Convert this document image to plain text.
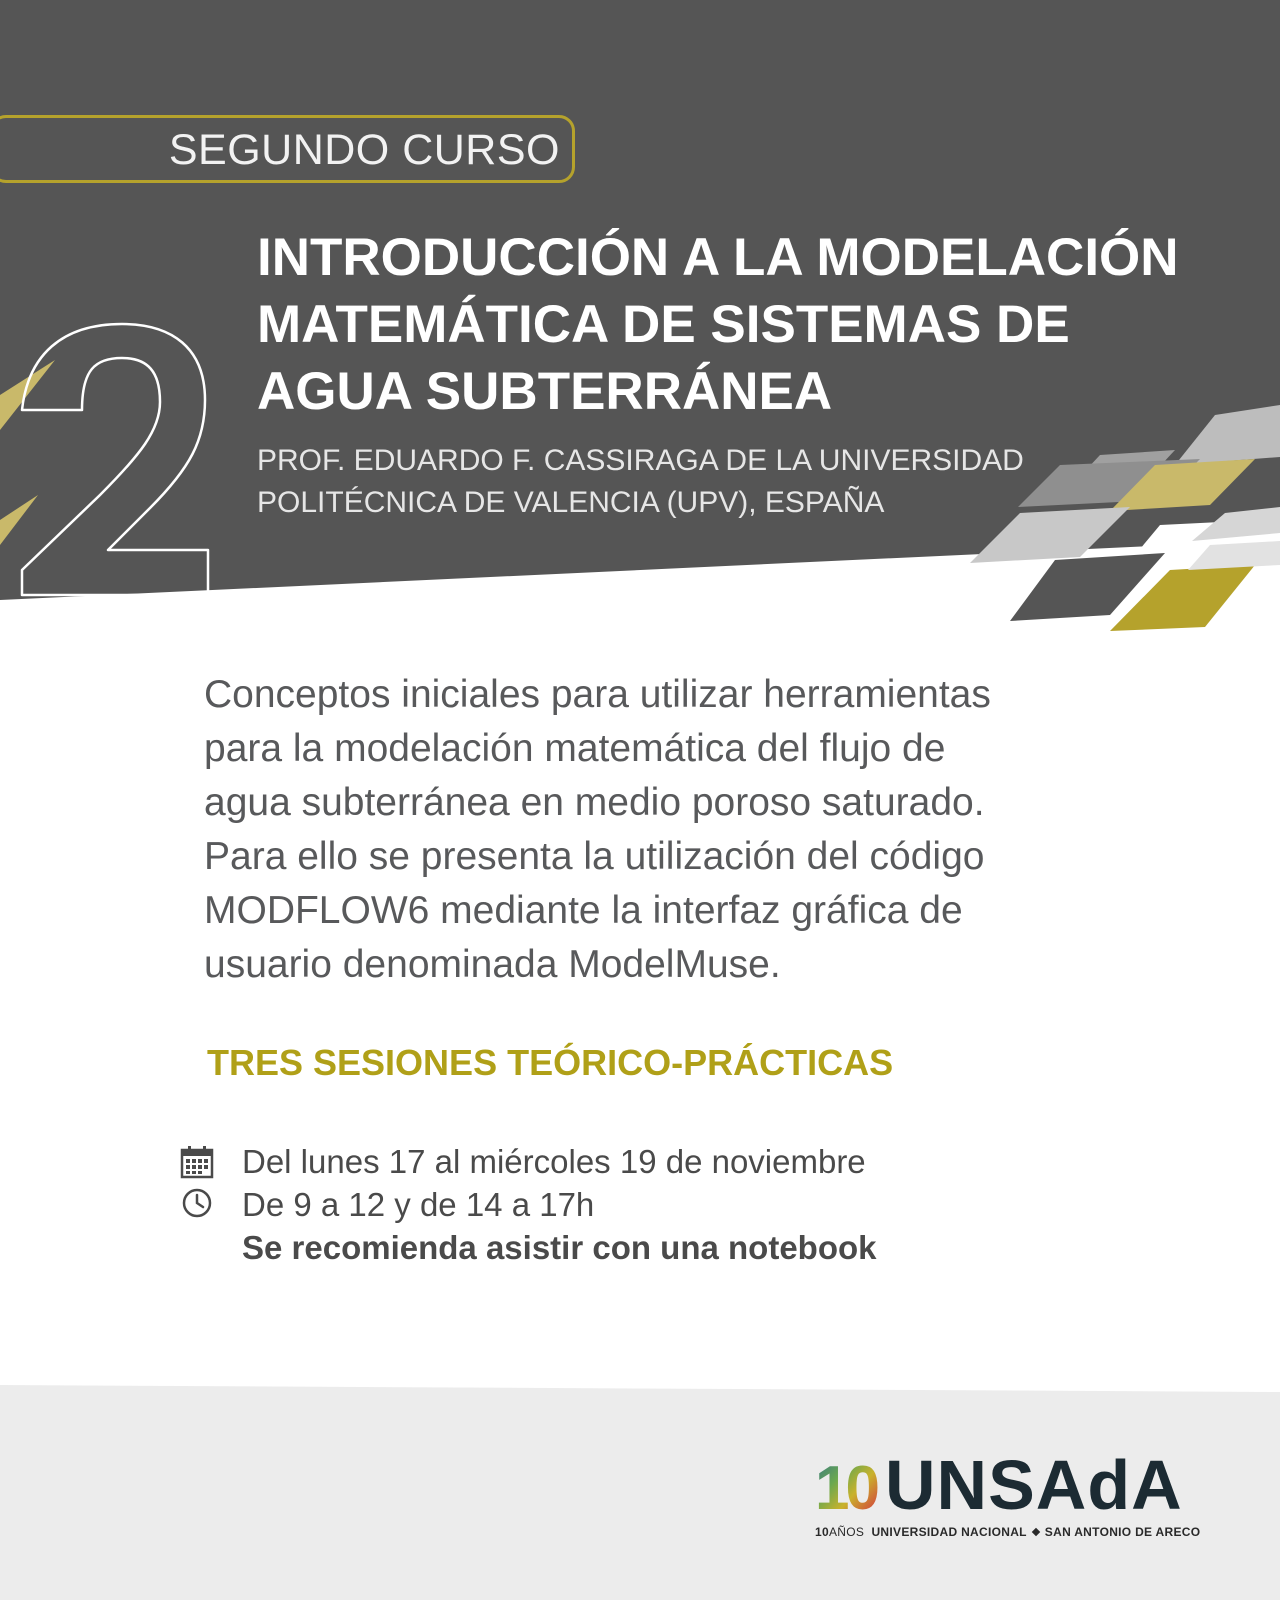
SEGUNDO CURSO
INTRODUCCIÓN A LA MODELACIÓN
MATEMÁTICA DE SISTEMAS DE
AGUA SUBTERRÁNEA

PROF. EDUARDO F. CASSIRAGA DE LA UNIVERSIDAD
POLITÉCNICA DE VALENCIA (UPV), ESPAÑA

Conceptos iniciales para utilizar herramientas
para la modelación matemática del flujo de
agua subterránea en medio poroso saturado.
Para ello se presenta la utilización del código
MODFLOW6 mediante la interfaz gráfica de
usuario denominada ModelMuse.

TRES SESIONES TEÓRICO-PRÁCTICAS

Del lunes 17 al miércoles 19 de noviembre
De 9 a 12 y de 14 a 17h

Se recomienda asistir con una notebook

10 UNSAdA
10AÑOS UNIVERSIDAD NACIONAL SAN ANTONIO DE ARECO
